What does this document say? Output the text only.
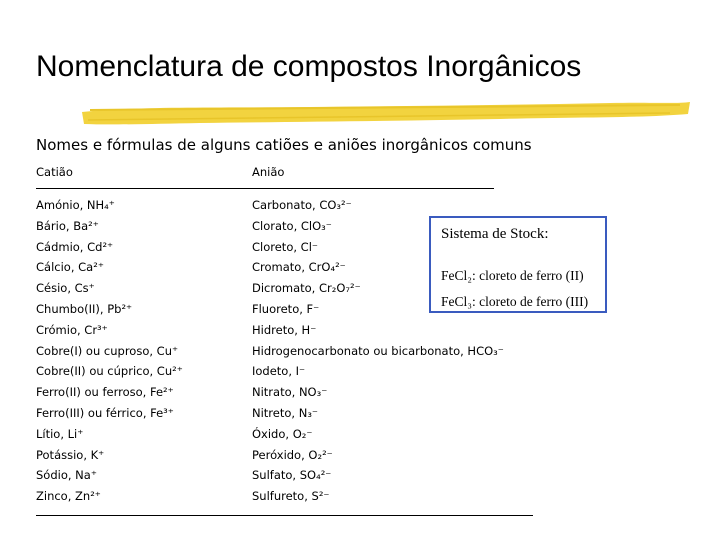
Nomenclatura de compostos Inorgânicos
Nomes e fórmulas de alguns catiões e aniões inorgânicos comuns
Catião	Anião
Amónio, NH₄⁺	Carbonato, CO₃²⁻
Bário, Ba²⁺	Clorato, ClO₃⁻
Cádmio, Cd²⁺	Cloreto, Cl⁻
Cálcio, Ca²⁺	Cromato, CrO₄²⁻
Césio, Cs⁺	Dicromato, Cr₂O₇²⁻
Chumbo(II), Pb²⁺	Fluoreto, F⁻
Crómio, Cr³⁺	Hidreto, H⁻
Cobre(I) ou cuproso, Cu⁺	Hidrogenocarbonato ou bicarbonato, HCO₃⁻
Cobre(II) ou cúprico, Cu²⁺	Iodeto, I⁻
Ferro(II) ou ferroso, Fe²⁺	Nitrato, NO₃⁻
Ferro(III) ou férrico, Fe³⁺	Nitreto, N₃⁻
Lítio, Li⁺	Óxido, O₂⁻
Potássio, K⁺	Peróxido, O₂²⁻
Sódio, Na⁺	Sulfato, SO₄²⁻
Zinco, Zn²⁺	Sulfureto, S²⁻
Sistema de Stock:
FeCl₂: cloreto de ferro (II)
FeCl₃: cloreto de ferro (III)
